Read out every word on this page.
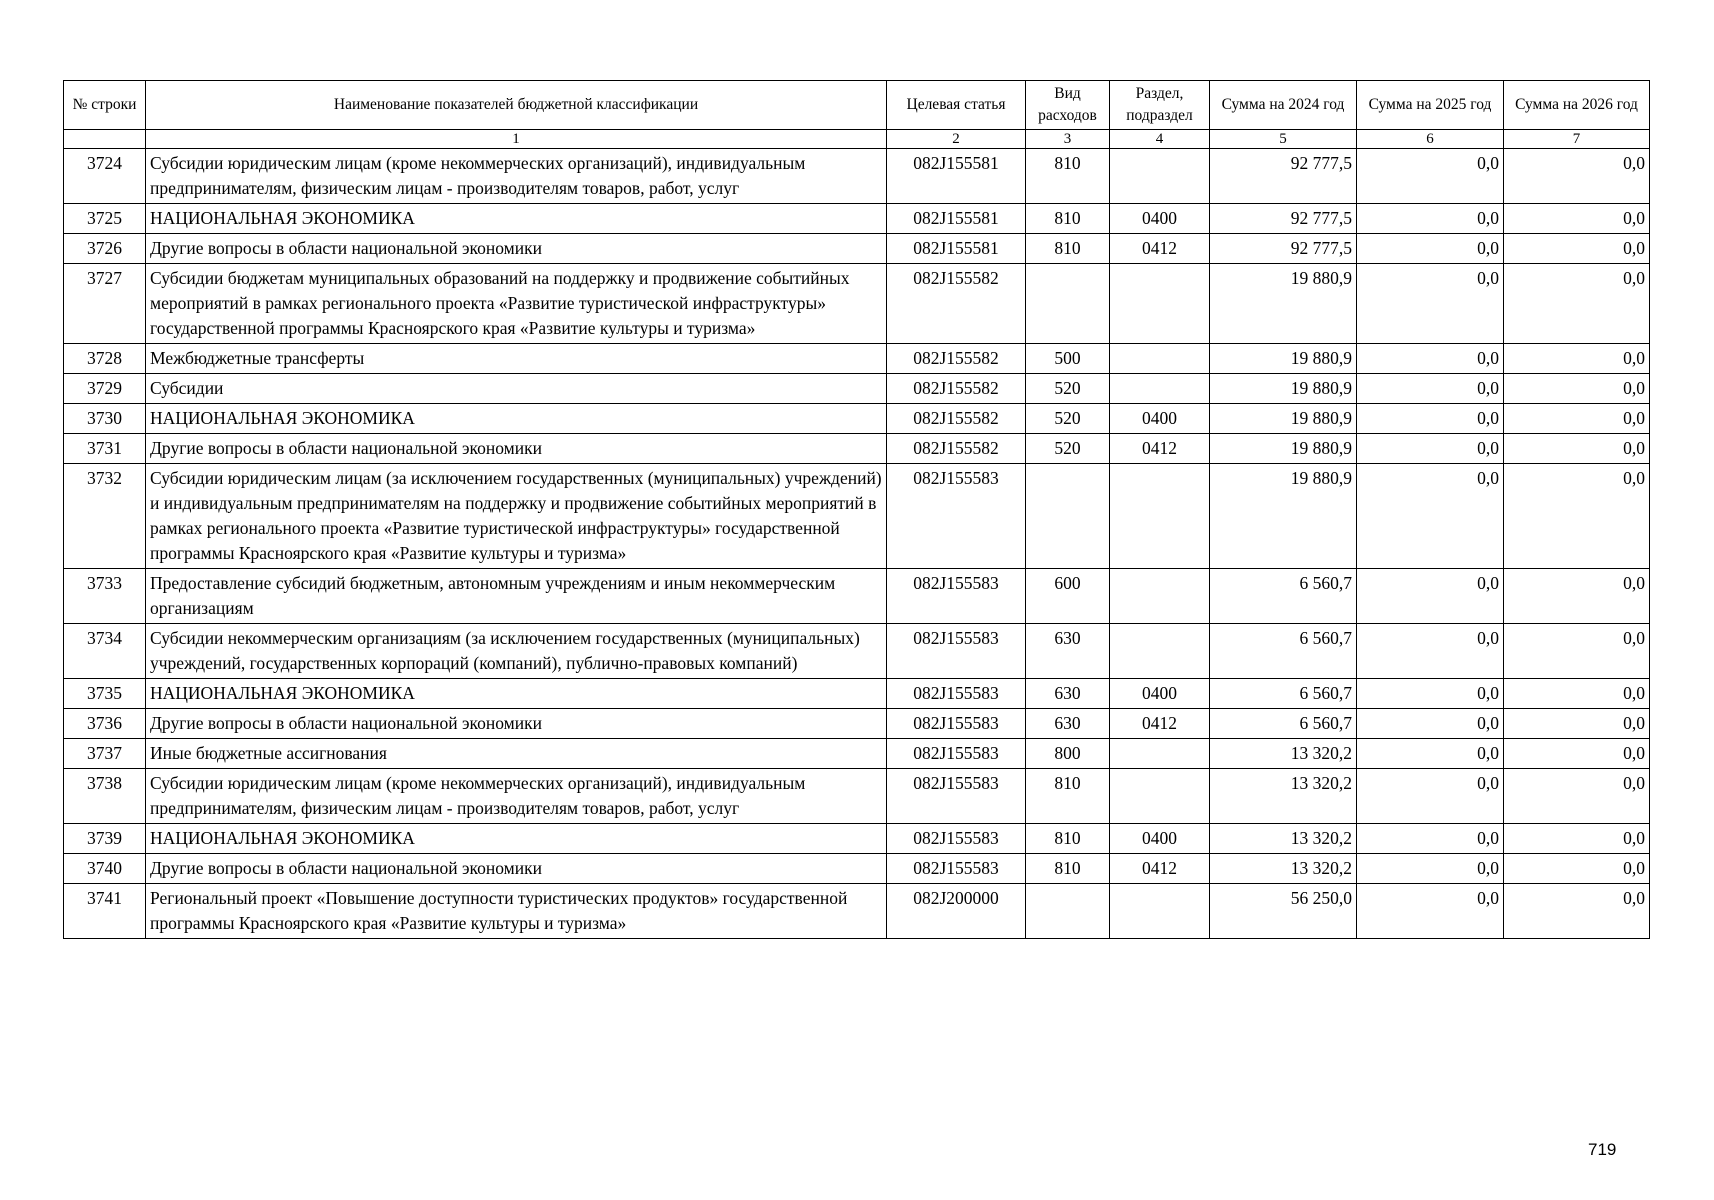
№ строки	Наименование показателей бюджетной классификации	Целевая статья	Вид расходов	Раздел, подраздел	Сумма на 2024 год	Сумма на 2025 год	Сумма на 2026 год
	1	2	3	4	5	6	7
3724	Субсидии юридическим лицам (кроме некоммерческих организаций), индивидуальным предпринимателям, физическим лицам - производителям товаров, работ, услуг	082J155581	810		92 777,5	0,0	0,0
3725	НАЦИОНАЛЬНАЯ ЭКОНОМИКА	082J155581	810	0400	92 777,5	0,0	0,0
3726	Другие вопросы в области национальной экономики	082J155581	810	0412	92 777,5	0,0	0,0
3727	Субсидии бюджетам муниципальных образований на поддержку и продвижение событийных мероприятий в рамках регионального проекта «Развитие туристической инфраструктуры» государственной программы Красноярского края «Развитие культуры и туризма»	082J155582			19 880,9	0,0	0,0
3728	Межбюджетные трансферты	082J155582	500		19 880,9	0,0	0,0
3729	Субсидии	082J155582	520		19 880,9	0,0	0,0
3730	НАЦИОНАЛЬНАЯ ЭКОНОМИКА	082J155582	520	0400	19 880,9	0,0	0,0
3731	Другие вопросы в области национальной экономики	082J155582	520	0412	19 880,9	0,0	0,0
3732	Субсидии юридическим лицам (за исключением государственных (муниципальных) учреждений) и индивидуальным предпринимателям на поддержку и продвижение событийных мероприятий в рамках регионального проекта «Развитие туристической инфраструктуры» государственной программы Красноярского края «Развитие культуры и туризма»	082J155583			19 880,9	0,0	0,0
3733	Предоставление субсидий бюджетным, автономным учреждениям и иным некоммерческим организациям	082J155583	600		6 560,7	0,0	0,0
3734	Субсидии некоммерческим организациям (за исключением государственных (муниципальных) учреждений, государственных корпораций (компаний), публично-правовых компаний)	082J155583	630		6 560,7	0,0	0,0
3735	НАЦИОНАЛЬНАЯ ЭКОНОМИКА	082J155583	630	0400	6 560,7	0,0	0,0
3736	Другие вопросы в области национальной экономики	082J155583	630	0412	6 560,7	0,0	0,0
3737	Иные бюджетные ассигнования	082J155583	800		13 320,2	0,0	0,0
3738	Субсидии юридическим лицам (кроме некоммерческих организаций), индивидуальным предпринимателям, физическим лицам - производителям товаров, работ, услуг	082J155583	810		13 320,2	0,0	0,0
3739	НАЦИОНАЛЬНАЯ ЭКОНОМИКА	082J155583	810	0400	13 320,2	0,0	0,0
3740	Другие вопросы в области национальной экономики	082J155583	810	0412	13 320,2	0,0	0,0
3741	Региональный проект «Повышение доступности туристических продуктов» государственной программы Красноярского края «Развитие культуры и туризма»	082J200000			56 250,0	0,0	0,0
719
